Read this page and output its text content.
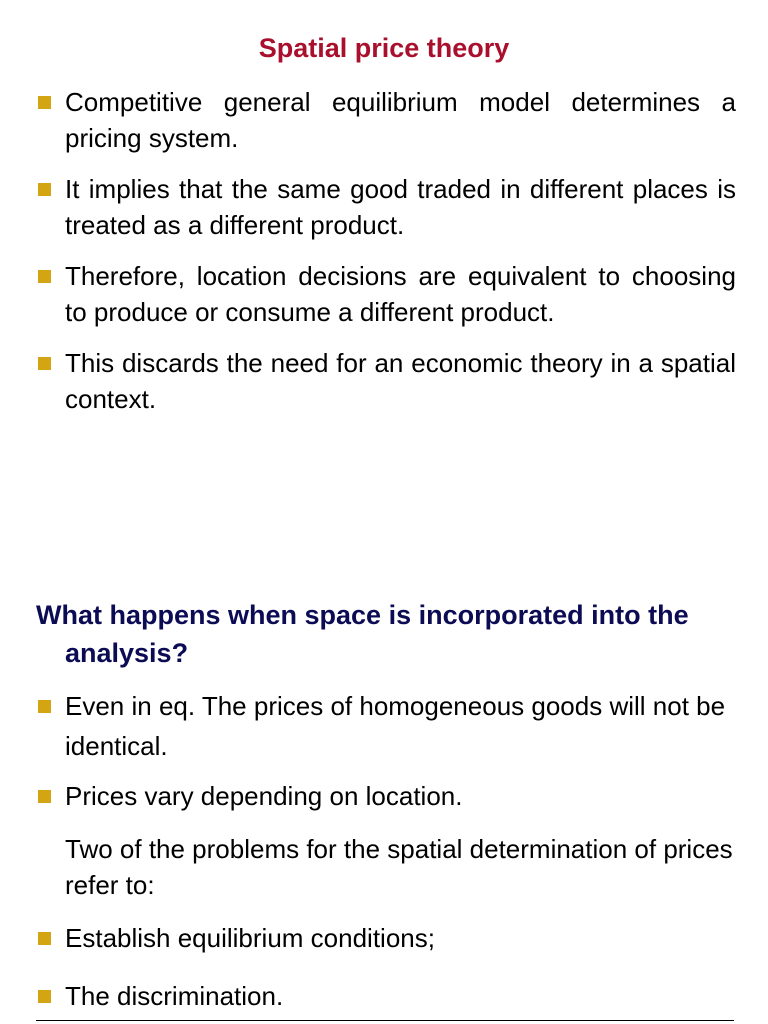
Spatial price theory
Competitive general equilibrium model determines a pricing system.
It implies that the same good traded in different places is treated as a different product.
Therefore, location decisions are equivalent to choosing to produce or consume a different product.
This discards the need for an economic theory in a spatial context.
What happens when space is incorporated into the analysis?
Even in eq. The prices of homogeneous goods will not be identical.
Prices vary depending on location.
Two of the problems for the spatial determination of prices refer to:
Establish equilibrium conditions;
The discrimination.
